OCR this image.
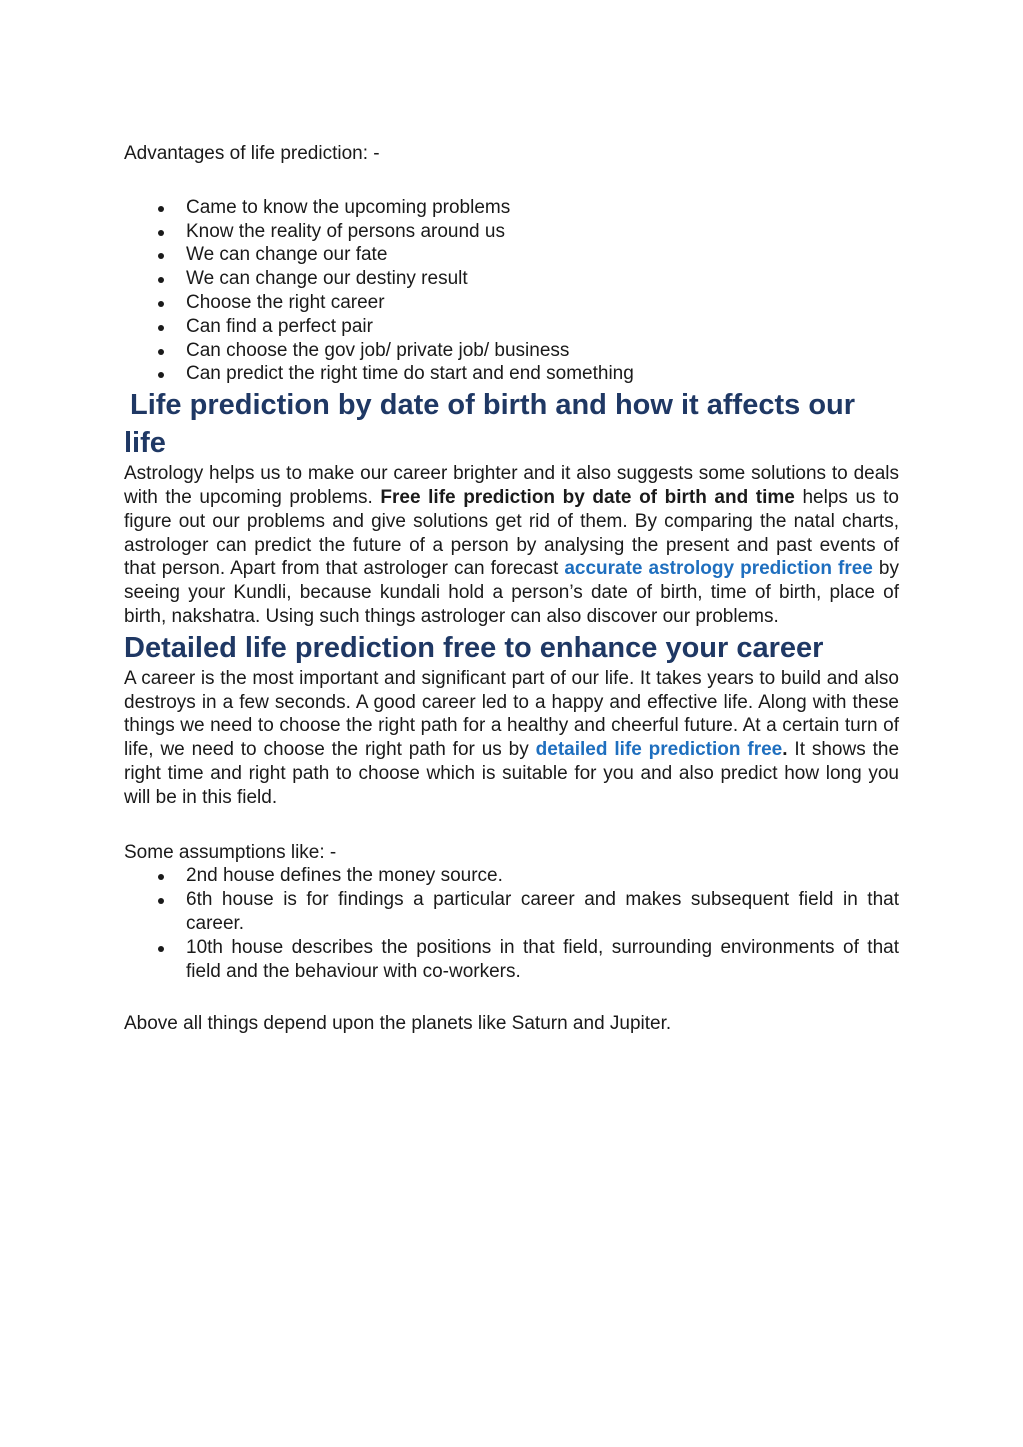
Advantages of life prediction: -

Came to know the upcoming problems
Know the reality of persons around us
We can change our fate
We can change our destiny result
Choose the right career
Can find a perfect pair
Can choose the gov job/ private job/ business
Can predict the right time do start and end something
Life prediction by date of birth and how it affects our life

Astrology helps us to make our career brighter and it also suggests some solutions to deals with the upcoming problems. Free life prediction by date of birth and time helps us to figure out our problems and give solutions get rid of them. By comparing the natal charts, astrologer can predict the future of a person by analysing the present and past events of that person. Apart from that astrologer can forecast accurate astrology prediction free by seeing your Kundli, because kundali hold a person’s date of birth, time of birth, place of birth, nakshatra. Using such things astrologer can also discover our problems.

Detailed life prediction free to enhance your career

A career is the most important and significant part of our life. It takes years to build and also destroys in a few seconds. A good career led to a happy and effective life. Along with these things we need to choose the right path for a healthy and cheerful future. At a certain turn of life, we need to choose the right path for us by detailed life prediction free. It shows the right time and right path to choose which is suitable for you and also predict how long you will be in this field.

Some assumptions like: -

2nd house defines the money source.
6th house is for findings a particular career and makes subsequent field in that career.
10th house describes the positions in that field, surrounding environments of that field and the behaviour with co-workers.

Above all things depend upon the planets like Saturn and Jupiter.
